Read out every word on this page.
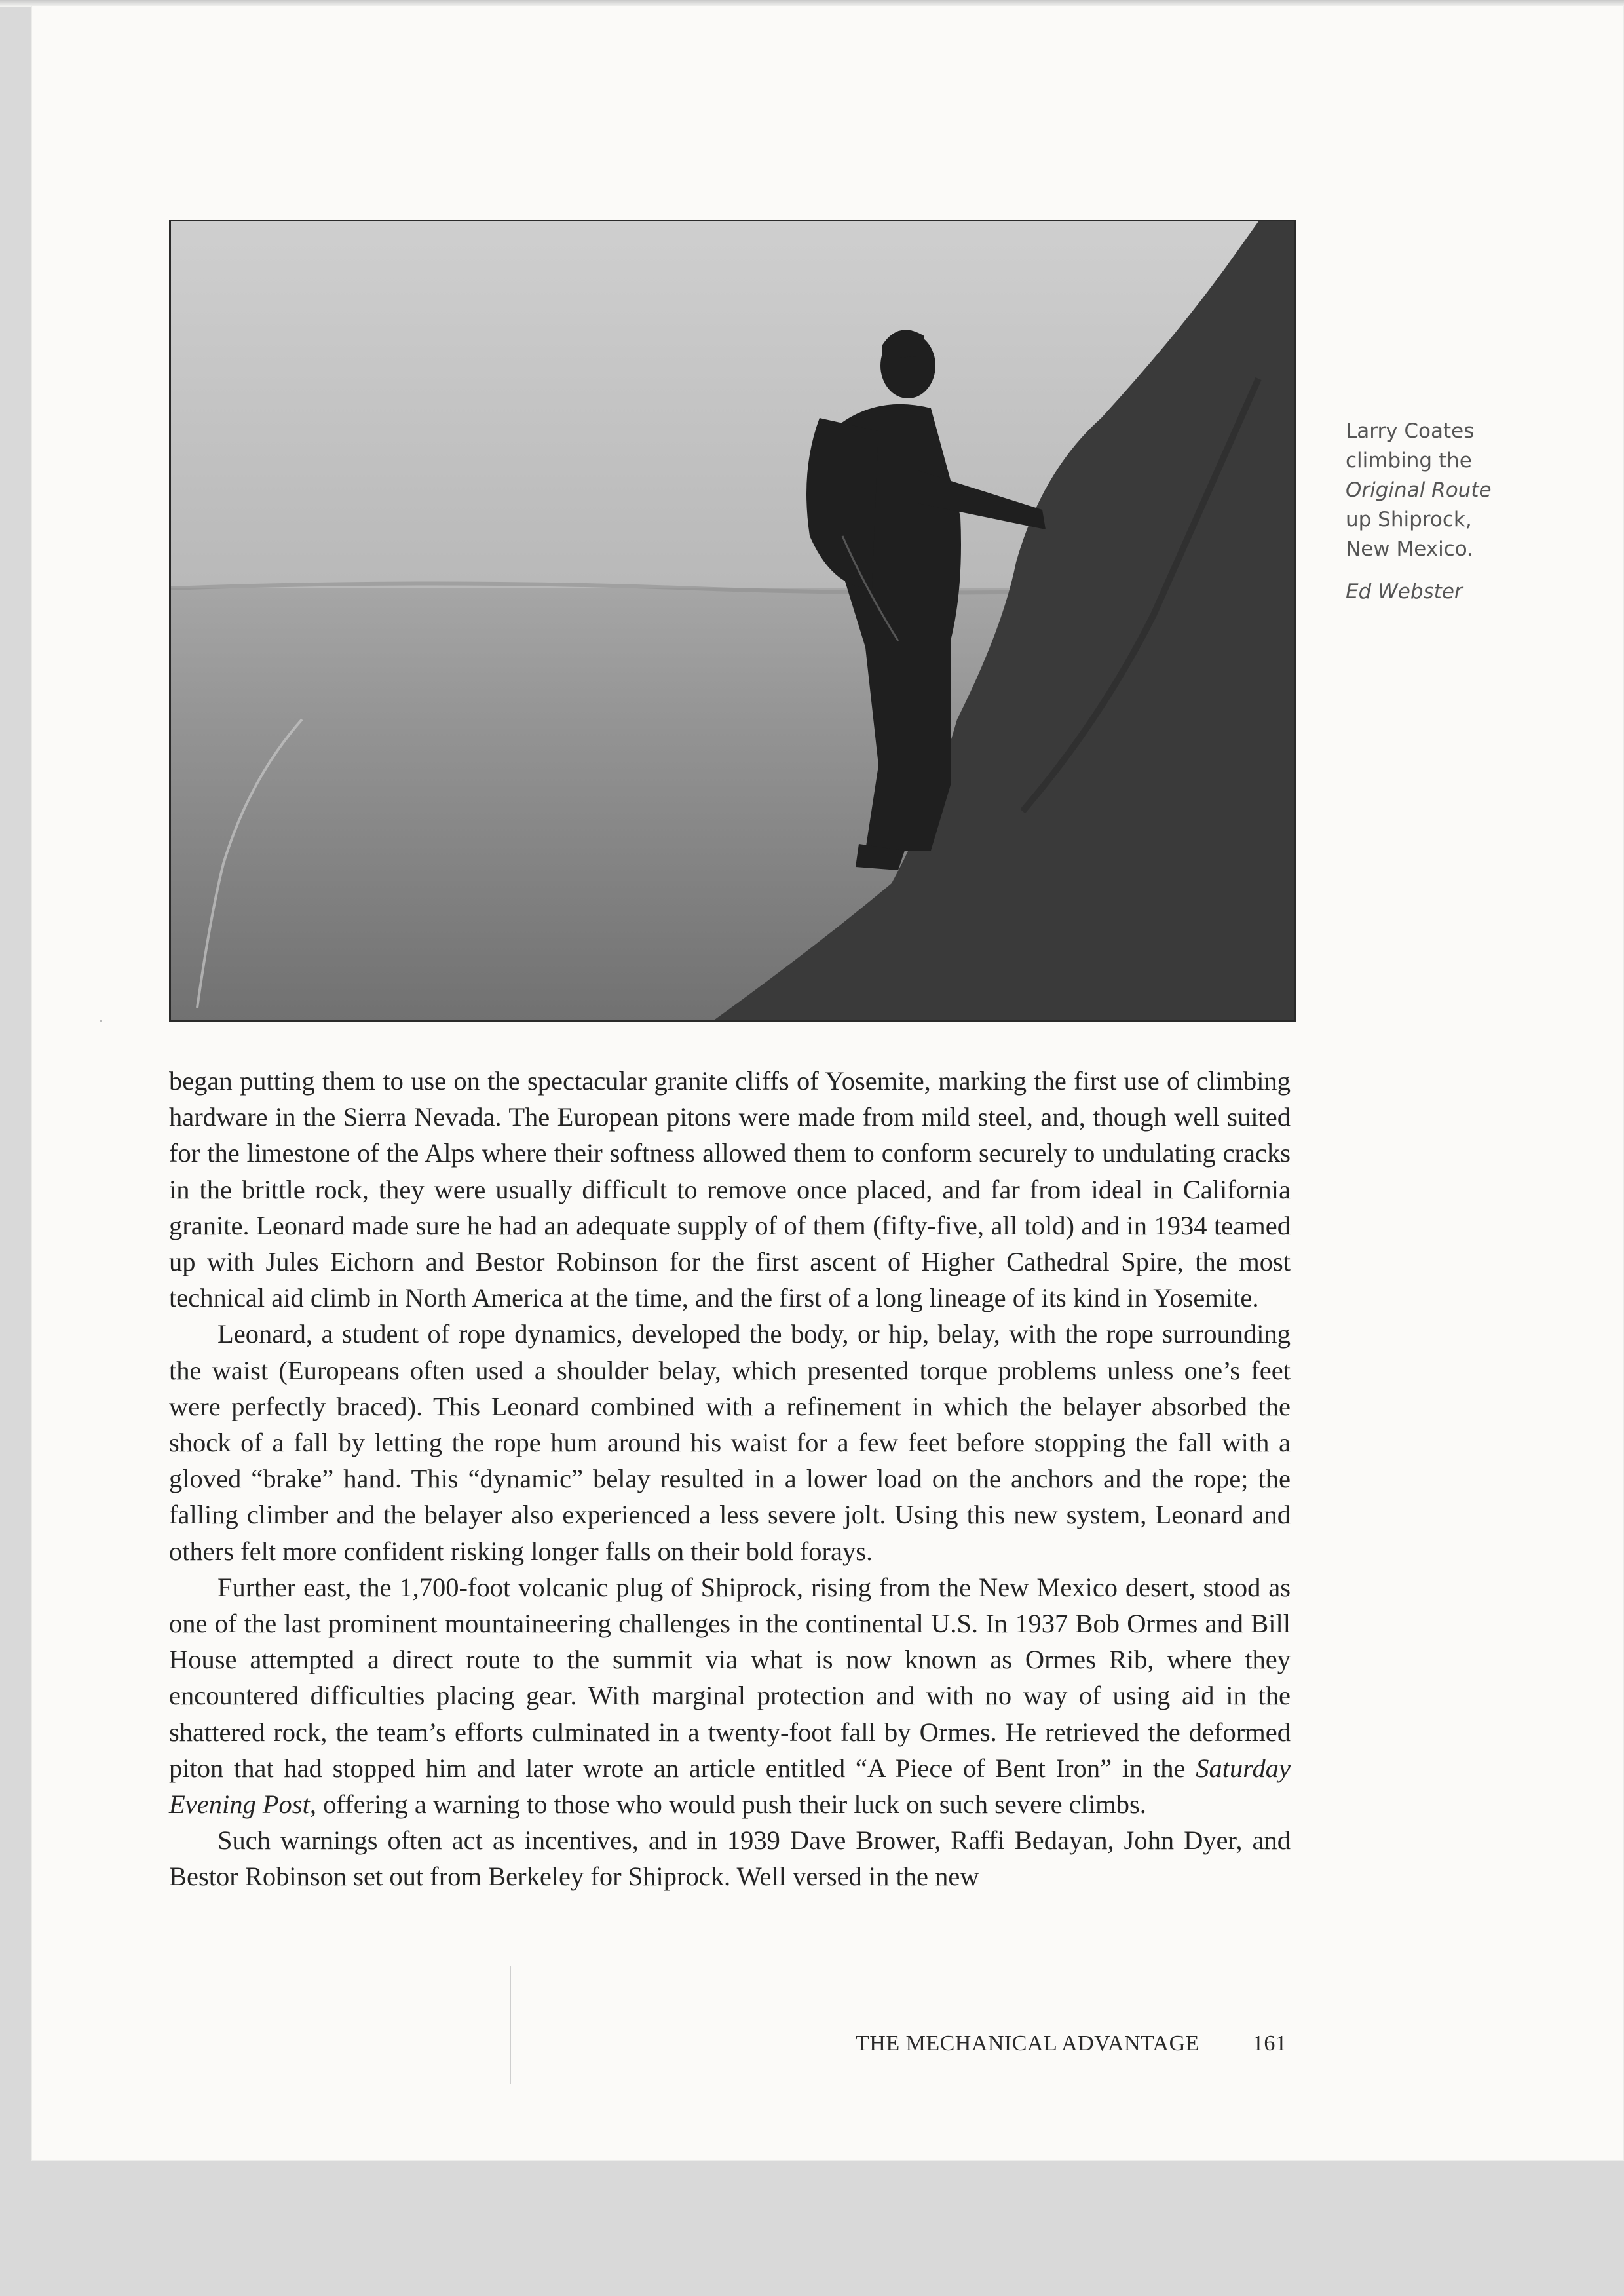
Larry Coates

climbing the

Original Route

up Shiprock,

New Mexico.

Ed Webster

began putting them to use on the spectacular granite cliffs of Yosemite, marking the first use of climbing hardware in the Sierra Nevada. The European pitons were made from mild steel, and, though well suited for the limestone of the Alps where their softness allowed them to conform securely to undulating cracks in the brittle rock, they were usually difficult to remove once placed, and far from ideal in California granite. Leonard made sure he had an adequate supply of of them (fifty-five, all told) and in 1934 teamed up with Jules Eichorn and Bestor Robinson for the first ascent of Higher Cathedral Spire, the most technical aid climb in North America at the time, and the first of a long lineage of its kind in Yosemite.

Leonard, a student of rope dynamics, developed the body, or hip, belay, with the rope surrounding the waist (Europeans often used a shoulder belay, which presented torque problems unless one’s feet were perfectly braced). This Leonard combined with a refinement in which the belayer absorbed the shock of a fall by letting the rope hum around his waist for a few feet before stopping the fall with a gloved “brake” hand. This “dynamic” belay resulted in a lower load on the anchors and the rope; the falling climber and the belayer also experienced a less severe jolt. Using this new system, Leonard and others felt more confident risking longer falls on their bold forays.

Further east, the 1,700-foot volcanic plug of Shiprock, rising from the New Mexico desert, stood as one of the last prominent mountaineering challenges in the continental U.S. In 1937 Bob Ormes and Bill House attempted a direct route to the summit via what is now known as Ormes Rib, where they encountered difficulties placing gear. With marginal protection and with no way of using aid in the shattered rock, the team’s efforts culminated in a twenty-foot fall by Ormes. He retrieved the deformed piton that had stopped him and later wrote an article entitled “A Piece of Bent Iron” in the Saturday Evening Post, offering a warning to those who would push their luck on such severe climbs.

Such warnings often act as incentives, and in 1939 Dave Brower, Raffi Bedayan, John Dyer, and Bestor Robinson set out from Berkeley for Shiprock. Well versed in the new

THE MECHANICAL ADVANTAGE 161
